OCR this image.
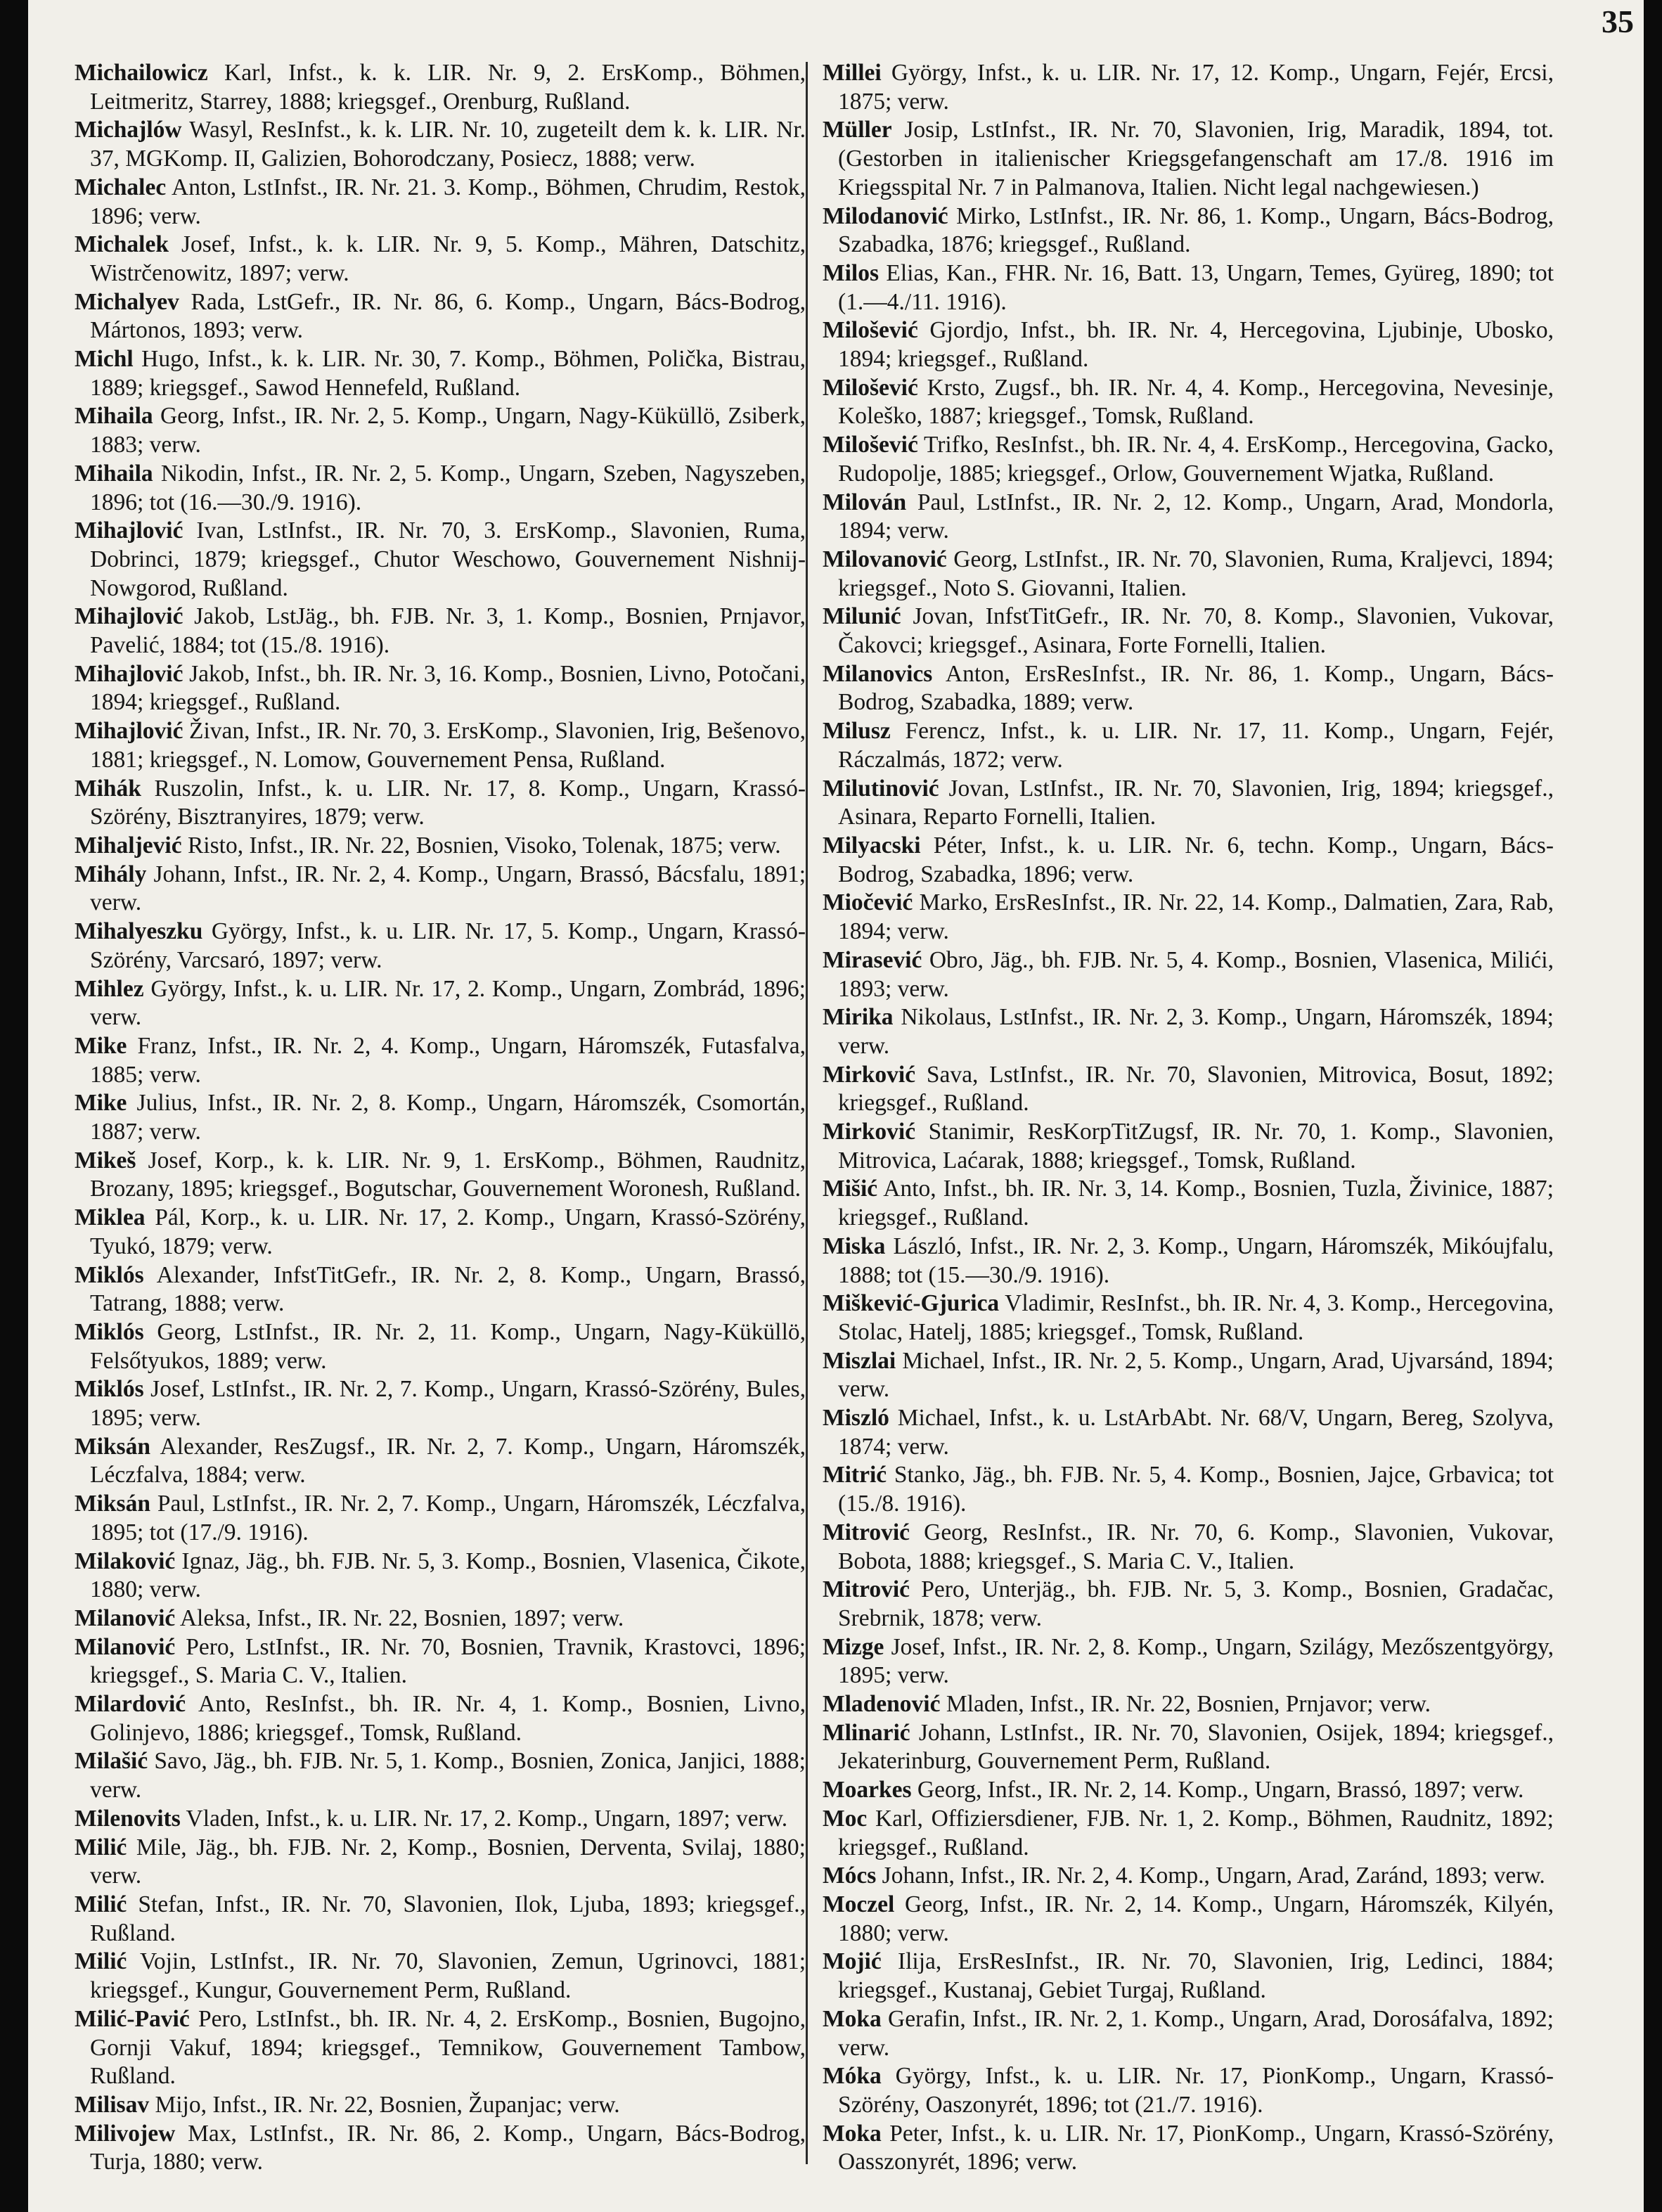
35
Michailowicz Karl, Infst., k. k. LIR. Nr. 9, 2. ErsKomp., Böhmen, Leitmeritz, Starrey, 1888; kriegsgef., Orenburg, Rußland.
Michajlów Wasyl, ResInfst., k. k. LIR. Nr. 10, zugeteilt dem k. k. LIR. Nr. 37, MGKomp. II, Galizien, Bohorodczany, Posiecz, 1888; verw.
Michalec Anton, LstInfst., IR. Nr. 21. 3. Komp., Böhmen, Chrudim, Restok, 1896; verw.
Michalek Josef, Infst., k. k. LIR. Nr. 9, 5. Komp., Mähren, Datschitz, Wistrčenowitz, 1897; verw.
Michalyev Rada, LstGefr., IR. Nr. 86, 6. Komp., Ungarn, Bács-Bodrog, Mártonos, 1893; verw.
Michl Hugo, Infst., k. k. LIR. Nr. 30, 7. Komp., Böhmen, Polička, Bistrau, 1889; kriegsgef., Sawod Hennefeld, Rußland.
Mihaila Georg, Infst., IR. Nr. 2, 5. Komp., Ungarn, Nagy-Küküllö, Zsiberk, 1883; verw.
Mihaila Nikodin, Infst., IR. Nr. 2, 5. Komp., Ungarn, Szeben, Nagyszeben, 1896; tot (16.—30./9. 1916).
Mihajlović Ivan, LstInfst., IR. Nr. 70, 3. ErsKomp., Slavonien, Ruma, Dobrinci, 1879; kriegsgef., Chutor Weschowo, Gouvernement Nishnij-Nowgorod, Rußland.
Mihajlović Jakob, LstJäg., bh. FJB. Nr. 3, 1. Komp., Bosnien, Prnjavor, Pavelić, 1884; tot (15./8. 1916).
Mihajlović Jakob, Infst., bh. IR. Nr. 3, 16. Komp., Bosnien, Livno, Potočani, 1894; kriegsgef., Rußland.
Mihajlović Živan, Infst., IR. Nr. 70, 3. ErsKomp., Slavonien, Irig, Bešenovo, 1881; kriegsgef., N. Lomow, Gouvernement Pensa, Rußland.
Mihák Ruszolin, Infst., k. u. LIR. Nr. 17, 8. Komp., Ungarn, Krassó-Szörény, Bisztranyires, 1879; verw.
Mihaljević Risto, Infst., IR. Nr. 22, Bosnien, Visoko, Tolenak, 1875; verw.
Mihály Johann, Infst., IR. Nr. 2, 4. Komp., Ungarn, Brassó, Bácsfalu, 1891; verw.
Mihalyeszku György, Infst., k. u. LIR. Nr. 17, 5. Komp., Ungarn, Krassó-Szörény, Varcsaró, 1897; verw.
Mihlez György, Infst., k. u. LIR. Nr. 17, 2. Komp., Ungarn, Zombrád, 1896; verw.
Mike Franz, Infst., IR. Nr. 2, 4. Komp., Ungarn, Háromszék, Futasfalva, 1885; verw.
Mike Julius, Infst., IR. Nr. 2, 8. Komp., Ungarn, Háromszék, Csomortán, 1887; verw.
Mikeš Josef, Korp., k. k. LIR. Nr. 9, 1. ErsKomp., Böhmen, Raudnitz, Brozany, 1895; kriegsgef., Bogutschar, Gouvernement Woronesh, Rußland.
Miklea Pál, Korp., k. u. LIR. Nr. 17, 2. Komp., Ungarn, Krassó-Szörény, Tyukó, 1879; verw.
Miklós Alexander, InfstTitGefr., IR. Nr. 2, 8. Komp., Ungarn, Brassó, Tatrang, 1888; verw.
Miklós Georg, LstInfst., IR. Nr. 2, 11. Komp., Ungarn, Nagy-Küküllö, Felsőtyukos, 1889; verw.
Miklós Josef, LstInfst., IR. Nr. 2, 7. Komp., Ungarn, Krassó-Szörény, Bules, 1895; verw.
Miksán Alexander, ResZugsf., IR. Nr. 2, 7. Komp., Ungarn, Háromszék, Léczfalva, 1884; verw.
Miksán Paul, LstInfst., IR. Nr. 2, 7. Komp., Ungarn, Háromszék, Léczfalva, 1895; tot (17./9. 1916).
Milaković Ignaz, Jäg., bh. FJB. Nr. 5, 3. Komp., Bosnien, Vlasenica, Čikote, 1880; verw.
Milanović Aleksa, Infst., IR. Nr. 22, Bosnien, 1897; verw.
Milanović Pero, LstInfst., IR. Nr. 70, Bosnien, Travnik, Krastovci, 1896; kriegsgef., S. Maria C. V., Italien.
Milardović Anto, ResInfst., bh. IR. Nr. 4, 1. Komp., Bosnien, Livno, Golinjevo, 1886; kriegsgef., Tomsk, Rußland.
Milašić Savo, Jäg., bh. FJB. Nr. 5, 1. Komp., Bosnien, Zonica, Janjici, 1888; verw.
Milenovits Vladen, Infst., k. u. LIR. Nr. 17, 2. Komp., Ungarn, 1897; verw.
Milić Mile, Jäg., bh. FJB. Nr. 2, Komp., Bosnien, Derventa, Svilaj, 1880; verw.
Milić Stefan, Infst., IR. Nr. 70, Slavonien, Ilok, Ljuba, 1893; kriegsgef., Rußland.
Milić Vojin, LstInfst., IR. Nr. 70, Slavonien, Zemun, Ugrinovci, 1881; kriegsgef., Kungur, Gouvernement Perm, Rußland.
Milić-Pavić Pero, LstInfst., bh. IR. Nr. 4, 2. ErsKomp., Bosnien, Bugojno, Gornji Vakuf, 1894; kriegsgef., Temnikow, Gouvernement Tambow, Rußland.
Milisav Mijo, Infst., IR. Nr. 22, Bosnien, Županjac; verw.
Milivojew Max, LstInfst., IR. Nr. 86, 2. Komp., Ungarn, Bács-Bodrog, Turja, 1880; verw.
Millei György, Infst., k. u. LIR. Nr. 17, 12. Komp., Ungarn, Fejér, Ercsi, 1875; verw.
Müller Josip, LstInfst., IR. Nr. 70, Slavonien, Irig, Maradik, 1894, tot. (Gestorben in italienischer Kriegsgefangenschaft am 17./8. 1916 im Kriegsspital Nr. 7 in Palmanova, Italien. Nicht legal nachgewiesen.)
Milodanović Mirko, LstInfst., IR. Nr. 86, 1. Komp., Ungarn, Bács-Bodrog, Szabadka, 1876; kriegsgef., Rußland.
Milos Elias, Kan., FHR. Nr. 16, Batt. 13, Ungarn, Temes, Gyüreg, 1890; tot (1.—4./11. 1916).
Milošević Gjordjo, Infst., bh. IR. Nr. 4, Hercegovina, Ljubinje, Ubosko, 1894; kriegsgef., Rußland.
Milošević Krsto, Zugsf., bh. IR. Nr. 4, 4. Komp., Hercegovina, Nevesinje, Koleško, 1887; kriegsgef., Tomsk, Rußland.
Milošević Trifko, ResInfst., bh. IR. Nr. 4, 4. ErsKomp., Hercegovina, Gacko, Rudopolje, 1885; kriegsgef., Orlow, Gouvernement Wjatka, Rußland.
Milován Paul, LstInfst., IR. Nr. 2, 12. Komp., Ungarn, Arad, Mondorla, 1894; verw.
Milovanović Georg, LstInfst., IR. Nr. 70, Slavonien, Ruma, Kraljevci, 1894; kriegsgef., Noto S. Giovanni, Italien.
Milunić Jovan, InfstTitGefr., IR. Nr. 70, 8. Komp., Slavonien, Vukovar, Čakovci; kriegsgef., Asinara, Forte Fornelli, Italien.
Milanovics Anton, ErsResInfst., IR. Nr. 86, 1. Komp., Ungarn, Bács-Bodrog, Szabadka, 1889; verw.
Milusz Ferencz, Infst., k. u. LIR. Nr. 17, 11. Komp., Ungarn, Fejér, Ráczalmás, 1872; verw.
Milutinović Jovan, LstInfst., IR. Nr. 70, Slavonien, Irig, 1894; kriegsgef., Asinara, Reparto Fornelli, Italien.
Milyacski Péter, Infst., k. u. LIR. Nr. 6, techn. Komp., Ungarn, Bács-Bodrog, Szabadka, 1896; verw.
Miočević Marko, ErsResInfst., IR. Nr. 22, 14. Komp., Dalmatien, Zara, Rab, 1894; verw.
Mirasević Obro, Jäg., bh. FJB. Nr. 5, 4. Komp., Bosnien, Vlasenica, Milići, 1893; verw.
Mirika Nikolaus, LstInfst., IR. Nr. 2, 3. Komp., Ungarn, Háromszék, 1894; verw.
Mirković Sava, LstInfst., IR. Nr. 70, Slavonien, Mitrovica, Bosut, 1892; kriegsgef., Rußland.
Mirković Stanimir, ResKorpTitZugsf, IR. Nr. 70, 1. Komp., Slavonien, Mitrovica, Laćarak, 1888; kriegsgef., Tomsk, Rußland.
Mišić Anto, Infst., bh. IR. Nr. 3, 14. Komp., Bosnien, Tuzla, Živinice, 1887; kriegsgef., Rußland.
Miska László, Infst., IR. Nr. 2, 3. Komp., Ungarn, Háromszék, Mikóujfalu, 1888; tot (15.—30./9. 1916).
Miškević-Gjurica Vladimir, ResInfst., bh. IR. Nr. 4, 3. Komp., Hercegovina, Stolac, Hatelj, 1885; kriegsgef., Tomsk, Rußland.
Miszlai Michael, Infst., IR. Nr. 2, 5. Komp., Ungarn, Arad, Ujvarsánd, 1894; verw.
Miszló Michael, Infst., k. u. LstArbAbt. Nr. 68/V, Ungarn, Bereg, Szolyva, 1874; verw.
Mitrić Stanko, Jäg., bh. FJB. Nr. 5, 4. Komp., Bosnien, Jajce, Grbavica; tot (15./8. 1916).
Mitrović Georg, ResInfst., IR. Nr. 70, 6. Komp., Slavonien, Vukovar, Bobota, 1888; kriegsgef., S. Maria C. V., Italien.
Mitrović Pero, Unterjäg., bh. FJB. Nr. 5, 3. Komp., Bosnien, Gradačac, Srebrnik, 1878; verw.
Mizge Josef, Infst., IR. Nr. 2, 8. Komp., Ungarn, Szilágy, Mezőszentgyörgy, 1895; verw.
Mladenović Mladen, Infst., IR. Nr. 22, Bosnien, Prnjavor; verw.
Mlinarić Johann, LstInfst., IR. Nr. 70, Slavonien, Osijek, 1894; kriegsgef., Jekaterinburg, Gouvernement Perm, Rußland.
Moarkes Georg, Infst., IR. Nr. 2, 14. Komp., Ungarn, Brassó, 1897; verw.
Moc Karl, Offiziersdiener, FJB. Nr. 1, 2. Komp., Böhmen, Raudnitz, 1892; kriegsgef., Rußland.
Mócs Johann, Infst., IR. Nr. 2, 4. Komp., Ungarn, Arad, Zaránd, 1893; verw.
Moczel Georg, Infst., IR. Nr. 2, 14. Komp., Ungarn, Háromszék, Kilyén, 1880; verw.
Mojić Ilija, ErsResInfst., IR. Nr. 70, Slavonien, Irig, Ledinci, 1884; kriegsgef., Kustanaj, Gebiet Turgaj, Rußland.
Moka Gerafin, Infst., IR. Nr. 2, 1. Komp., Ungarn, Arad, Dorosáfalva, 1892; verw.
Móka György, Infst., k. u. LIR. Nr. 17, PionKomp., Ungarn, Krassó-Szörény, Oaszonyrét, 1896; tot (21./7. 1916).
Moka Peter, Infst., k. u. LIR. Nr. 17, PionKomp., Ungarn, Krassó-Szörény, Oasszonyrét, 1896; verw.
